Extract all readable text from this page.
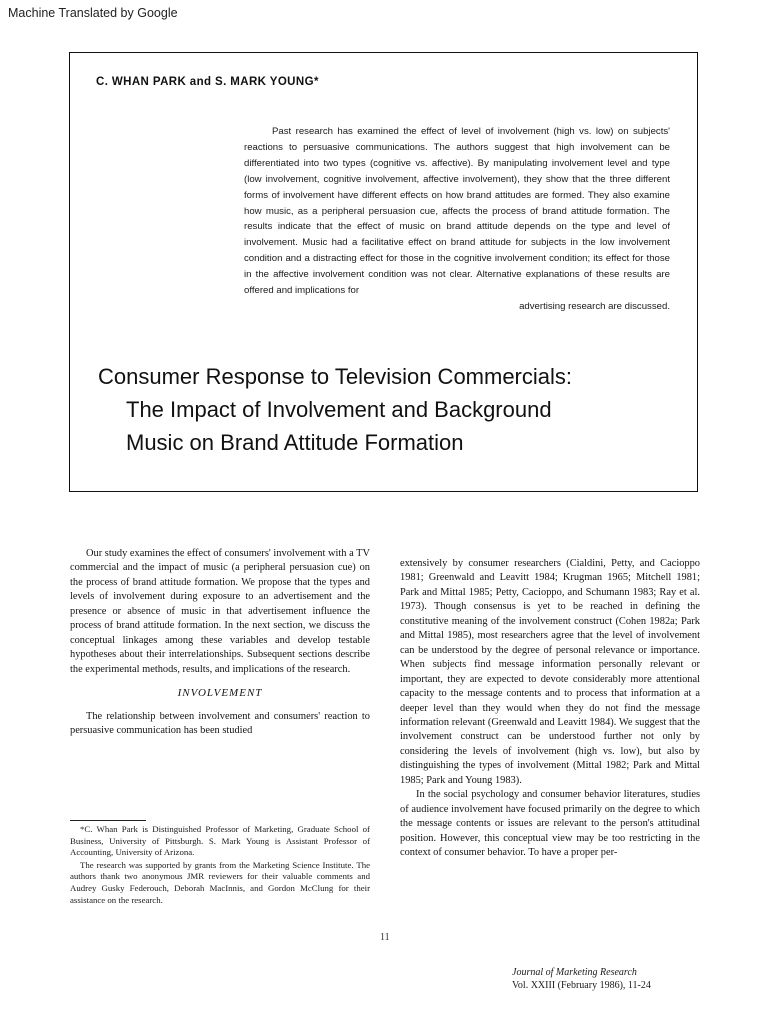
Machine Translated by Google
C. WHAN PARK and S. MARK YOUNG*
Past research has examined the effect of level of involvement (high vs. low) on subjects' reactions to persuasive communications. The authors suggest that high involvement can be differentiated into two types (cognitive vs. affective). By manipulating involvement level and type (low involvement, cognitive involvement, affective involvement), they show that the three different forms of involvement have different effects on how brand attitudes are formed. They also examine how music, as a peripheral persuasion cue, affects the process of brand attitude formation. The results indicate that the effect of music on brand attitude depends on the type and level of involvement. Music had a facilitative effect on brand attitude for subjects in the low involvement condition and a distracting effect for those in the cognitive involvement condition; its effect for those in the affective involvement condition was not clear. Alternative explanations of these results are offered and implications for
advertising research are discussed.
Consumer Response to Television Commercials:
The Impact of Involvement and Background
Music on Brand Attitude Formation

Our study examines the effect of consumers' involvement with a TV commercial and the impact of music (a peripheral persuasion cue) on the process of brand attitude formation. We propose that the types and levels of involvement during exposure to an advertisement and the presence or absence of music in that advertisement influence the process of brand attitude formation. In the next section, we discuss the conceptual linkages among these variables and develop testable hypotheses about their interrelationships. Subsequent sections describe the experimental methods, results, and implications of the research.

INVOLVEMENT

The relationship between involvement and consumers' reaction to persuasive communication has been studied

*C. Whan Park is Distinguished Professor of Marketing, Graduate School of Business, University of Pittsburgh. S. Mark Young is Assistant Professor of Accounting, University of Arizona.

The research was supported by grants from the Marketing Science Institute. The authors thank two anonymous JMR reviewers for their valuable comments and Audrey Gusky Federouch, Deborah MacInnis, and Gordon McClung for their assistance on the research.

extensively by consumer researchers (Cialdini, Petty, and Cacioppo 1981; Greenwald and Leavitt 1984; Krugman 1965; Mitchell 1981; Park and Mittal 1985; Petty, Cacioppo, and Schumann 1983; Ray et al. 1973). Though consensus is yet to be reached in defining the constitutive meaning of the involvement construct (Cohen 1982a; Park and Mittal 1985), most researchers agree that the level of involvement can be understood by the degree of personal relevance or importance. When subjects find message information personally relevant or important, they are expected to devote considerably more attentional capacity to the message contents and to process that information at a deeper level than they would when they do not find the message information relevant (Greenwald and Leavitt 1984). We suggest that the involvement construct can be understood further not only by considering the levels of involvement (high vs. low), but also by distinguishing the types of involvement (Mittal 1982; Park and Mittal 1985; Park and Young 1983).

In the social psychology and consumer behavior literatures, studies of audience involvement have focused primarily on the degree to which the message contents or issues are relevant to the person's attitudinal position. However, this conceptual view may be too restricting in the context of consumer behavior. To have a proper per-

11
Journal of Marketing Research
Vol. XXIII (February 1986), 11-24
